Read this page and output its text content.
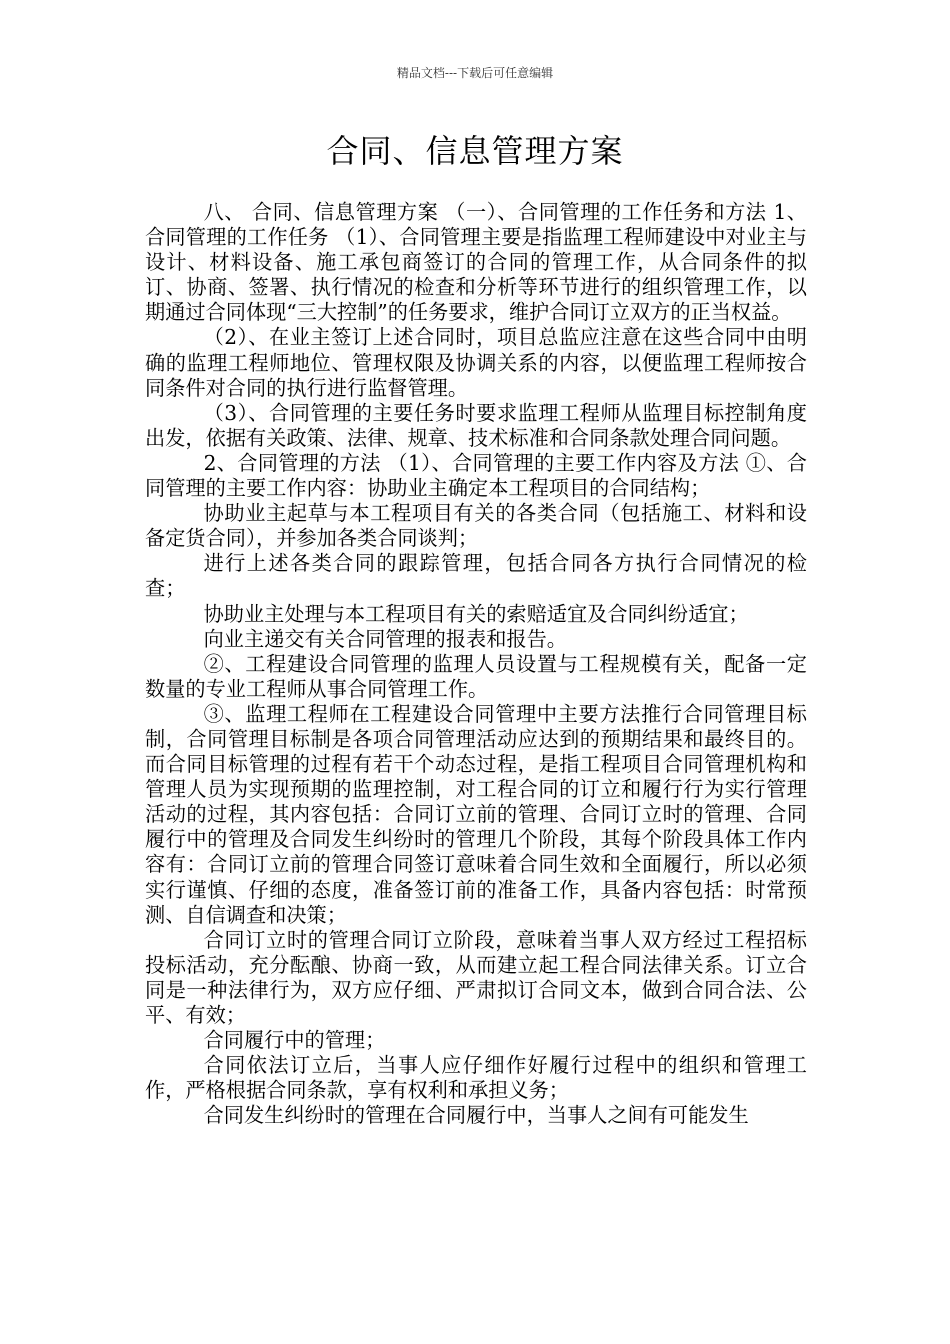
精品文档---下载后可任意编辑
合同、信息管理方案

八、 合同、信息管理方案 （一）、合同管理的工作任务和方法 1、合同管理的工作任务 （1）、合同管理主要是指监理工程师建设中对业主与设计、材料设备、施工承包商签订的合同的管理工作，从合同条件的拟订、协商、签署、执行情况的检查和分析等环节进行的组织管理工作，以期通过合同体现“三大控制”的任务要求，维护合同订立双方的正当权益。

（2）、在业主签订上述合同时，项目总监应注意在这些合同中由明确的监理工程师地位、管理权限及协调关系的内容，以便监理工程师按合同条件对合同的执行进行监督管理。

（3）、合同管理的主要任务时要求监理工程师从监理目标控制角度出发，依据有关政策、法律、规章、技术标准和合同条款处理合同问题。

2、合同管理的方法 （1）、合同管理的主要工作内容及方法 ①、合同管理的主要工作内容：协助业主确定本工程项目的合同结构；

协助业主起草与本工程项目有关的各类合同（包括施工、材料和设备定货合同），并参加各类合同谈判；

进行上述各类合同的跟踪管理，包括合同各方执行合同情况的检查；

协助业主处理与本工程项目有关的索赔适宜及合同纠纷适宜；

向业主递交有关合同管理的报表和报告。

②、工程建设合同管理的监理人员设置与工程规模有关，配备一定数量的专业工程师从事合同管理工作。

③、监理工程师在工程建设合同管理中主要方法推行合同管理目标制，合同管理目标制是各项合同管理活动应达到的预期结果和最终目的。而合同目标管理的过程有若干个动态过程，是指工程项目合同管理机构和管理人员为实现预期的监理控制，对工程合同的订立和履行行为实行管理活动的过程，其内容包括：合同订立前的管理、合同订立时的管理、合同履行中的管理及合同发生纠纷时的管理几个阶段，其每个阶段具体工作内容有：合同订立前的管理合同签订意味着合同生效和全面履行，所以必须实行谨慎、仔细的态度，准备签订前的准备工作，具备内容包括：时常预测、自信调查和决策；

合同订立时的管理合同订立阶段，意味着当事人双方经过工程招标投标活动，充分酝酿、协商一致，从而建立起工程合同法律关系。订立合同是一种法律行为，双方应仔细、严肃拟订合同文本，做到合同合法、公平、有效；

合同履行中的管理；

合同依法订立后，当事人应仔细作好履行过程中的组织和管理工作，严格根据合同条款，享有权利和承担义务；

合同发生纠纷时的管理在合同履行中，当事人之间有可能发生
